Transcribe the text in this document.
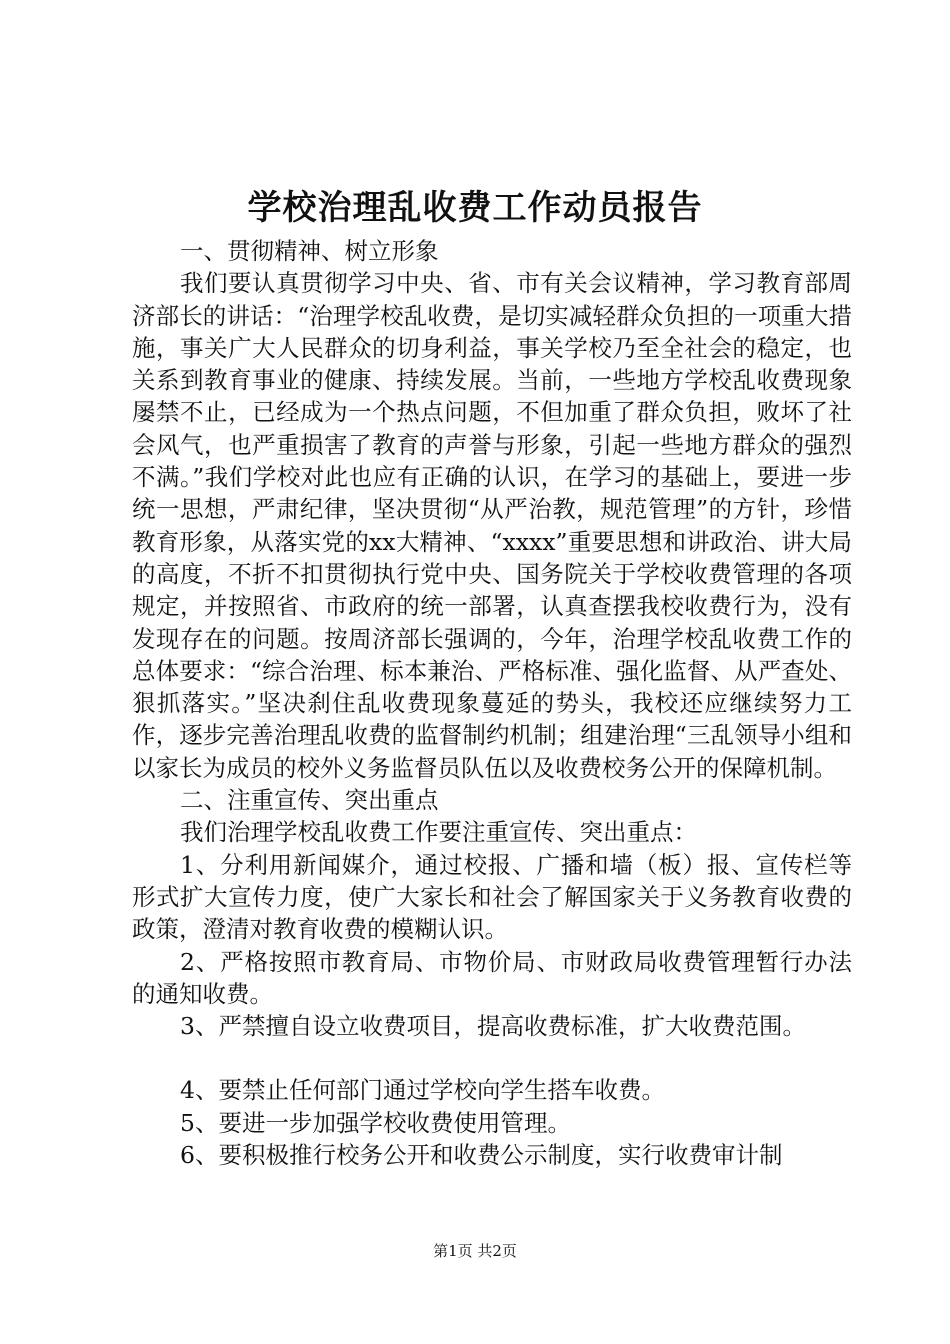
学校治理乱收费工作动员报告

一、贯彻精神、树立形象

我们要认真贯彻学习中央、省、市有关会议精神，学习教育部周济部长的讲话：“治理学校乱收费，是切实减轻群众负担的一项重大措施，事关广大人民群众的切身利益，事关学校乃至全社会的稳定，也关系到教育事业的健康、持续发展。当前，一些地方学校乱收费现象屡禁不止，已经成为一个热点问题，不但加重了群众负担，败坏了社会风气，也严重损害了教育的声誉与形象，引起一些地方群众的强烈不满。”我们学校对此也应有正确的认识，在学习的基础上，要进一步统一思想，严肃纪律，坚决贯彻“从严治教，规范管理”的方针，珍惜教育形象，从落实党的xx大精神、“xxxx”重要思想和讲政治、讲大局的高度，不折不扣贯彻执行党中央、国务院关于学校收费管理的各项规定，并按照省、市政府的统一部署，认真查摆我校收费行为，没有发现存在的问题。按周济部长强调的，今年，治理学校乱收费工作的总体要求：“综合治理、标本兼治、严格标准、强化监督、从严查处、狠抓落实。”坚决刹住乱收费现象蔓延的势头，我校还应继续努力工作，逐步完善治理乱收费的监督制约机制；组建治理“三乱领导小组和以家长为成员的校外义务监督员队伍以及收费校务公开的保障机制。

二、注重宣传、突出重点

我们治理学校乱收费工作要注重宣传、突出重点：

1、分利用新闻媒介，通过校报、广播和墙（板）报、宣传栏等形式扩大宣传力度，使广大家长和社会了解国家关于义务教育收费的政策，澄清对教育收费的模糊认识。

2、严格按照市教育局、市物价局、市财政局收费管理暂行办法的通知收费。

3、严禁擅自设立收费项目，提高收费标准，扩大收费范围。

4、要禁止任何部门通过学校向学生搭车收费。

5、要进一步加强学校收费使用管理。

6、要积极推行校务公开和收费公示制度，实行收费审计制

第1页 共2页
